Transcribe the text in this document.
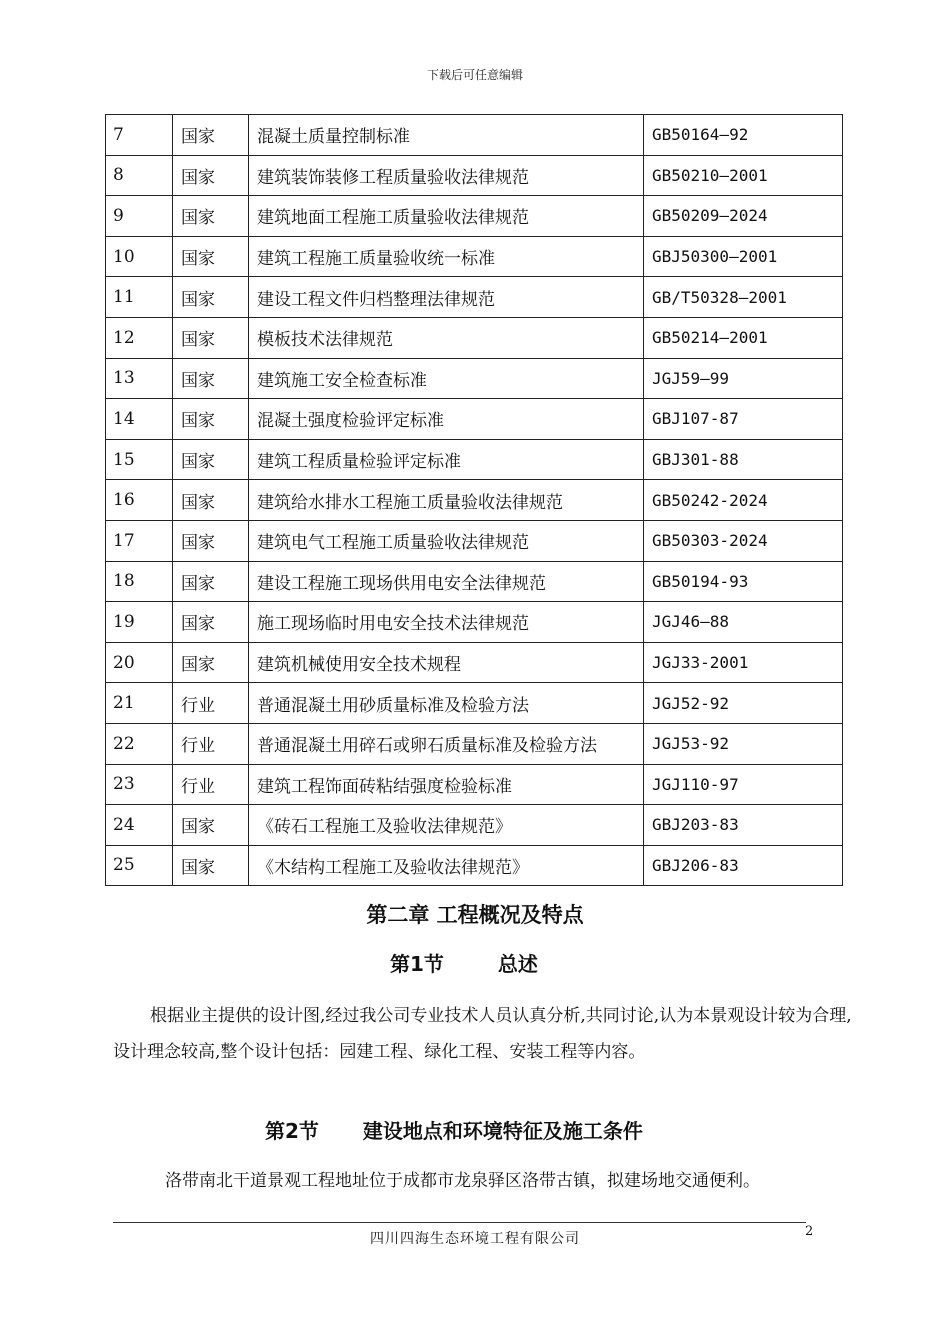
下载后可任意编辑
7	国家	混凝土质量控制标准	GB50164—92
8	国家	建筑装饰装修工程质量验收法律规范	GB50210—2001
9	国家	建筑地面工程施工质量验收法律规范	GB50209—2024
10	国家	建筑工程施工质量验收统一标准	GBJ50300—2001
11	国家	建设工程文件归档整理法律规范	GB/T50328—2001
12	国家	模板技术法律规范	GB50214—2001
13	国家	建筑施工安全检查标准	JGJ59—99
14	国家	混凝土强度检验评定标准	GBJ107-87
15	国家	建筑工程质量检验评定标准	GBJ301-88
16	国家	建筑给水排水工程施工质量验收法律规范	GB50242-2024
17	国家	建筑电气工程施工质量验收法律规范	GB50303-2024
18	国家	建设工程施工现场供用电安全法律规范	GB50194-93
19	国家	施工现场临时用电安全技术法律规范	JGJ46—88
20	国家	建筑机械使用安全技术规程	JGJ33-2001
21	行业	普通混凝土用砂质量标准及检验方法	JGJ52-92
22	行业	普通混凝土用碎石或卵石质量标准及检验方法	JGJ53-92
23	行业	建筑工程饰面砖粘结强度检验标准	JGJ110-97
24	国家	《砖石工程施工及验收法律规范》	GBJ203-83
25	国家	《木结构工程施工及验收法律规范》	GBJ206-83
第二章 工程概况及特点
第1节	总述
根据业主提供的设计图,经过我公司专业技术人员认真分析,共同讨论,认为本景观设计较为合理,设计理念较高,整个设计包括：园建工程、绿化工程、安装工程等内容。
第2节 建设地点和环境特征及施工条件
洛带南北干道景观工程地址位于成都市龙泉驿区洛带古镇，拟建场地交通便利。
四川四海生态环境工程有限公司	2
